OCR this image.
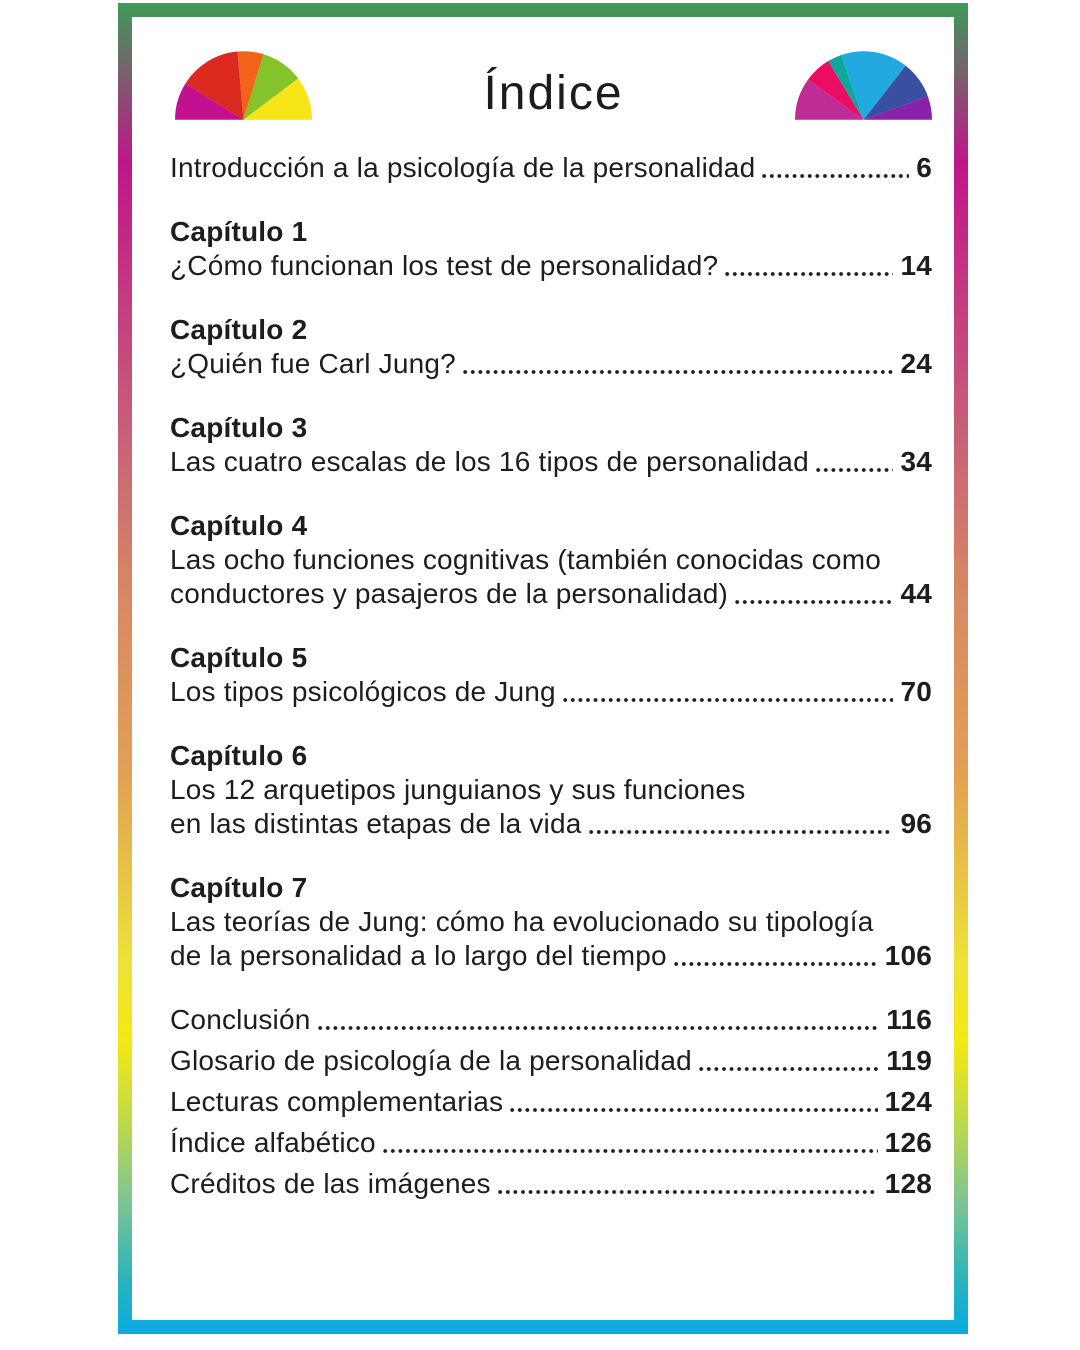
Índice
Introducción a la psicología de la personalidad	6
Capítulo 1
¿Cómo funcionan los test de personalidad?	14
Capítulo 2
¿Quién fue Carl Jung?	24
Capítulo 3
Las cuatro escalas de los 16 tipos de personalidad	34
Capítulo 4
Las ocho funciones cognitivas (también conocidas como
conductores y pasajeros de la personalidad)	44
Capítulo 5
Los tipos psicológicos de Jung	70
Capítulo 6
Los 12 arquetipos junguianos y sus funciones
en las distintas etapas de la vida	96
Capítulo 7
Las teorías de Jung: cómo ha evolucionado su tipología
de la personalidad a lo largo del tiempo	106
Conclusión	116
Glosario de psicología de la personalidad	119
Lecturas complementarias	124
Índice alfabético	126
Créditos de las imágenes	128
